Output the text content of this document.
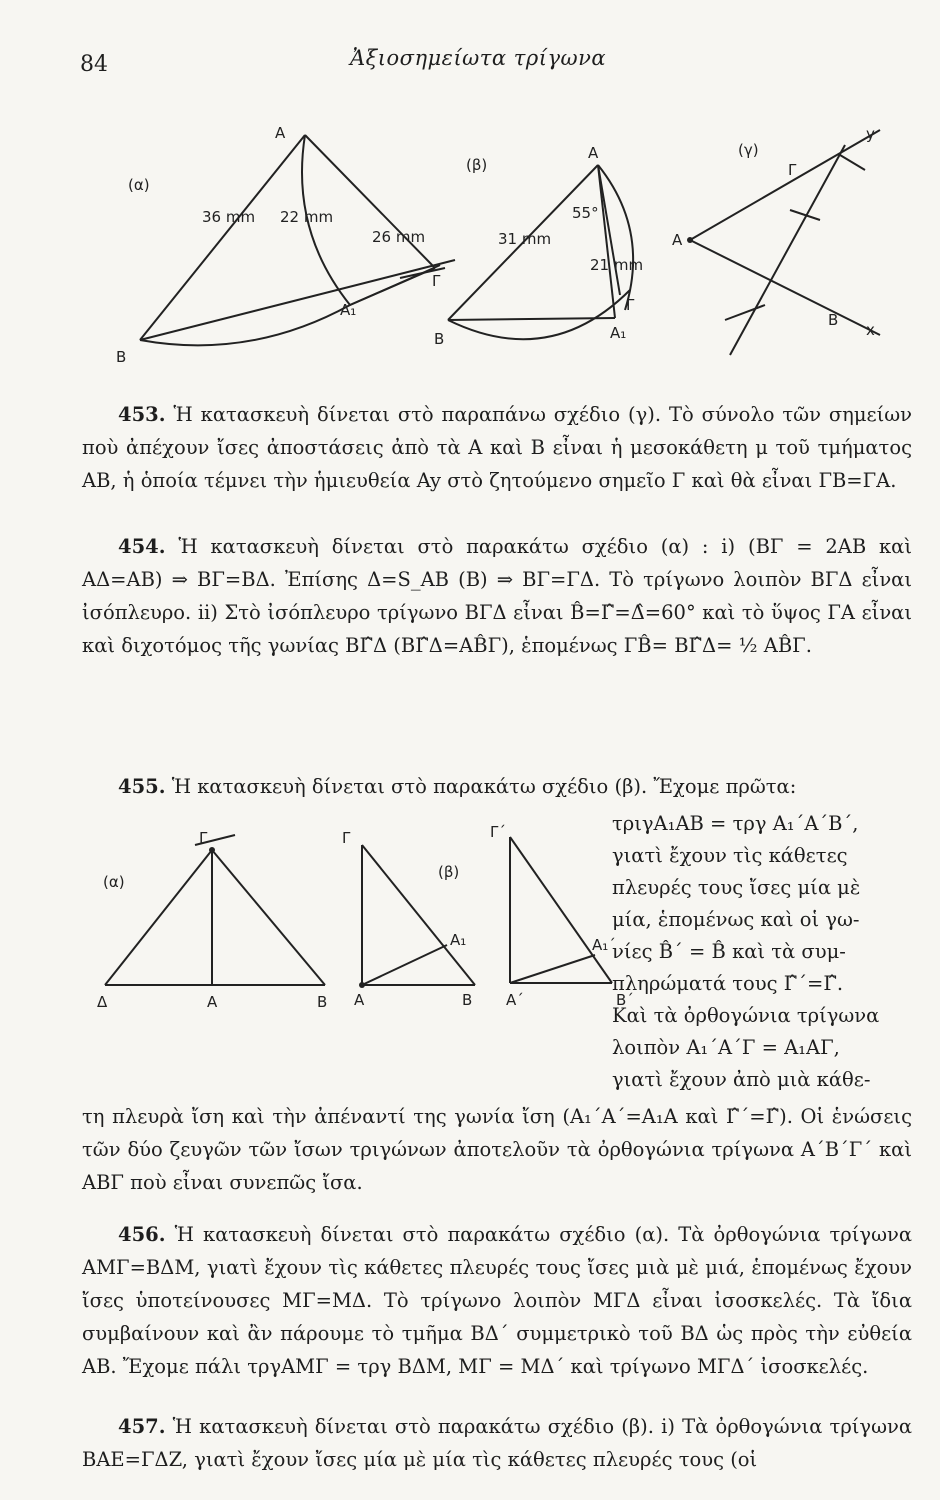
84	Ἀξιοσημείωτα τρίγωνα
(α)
A
B
Γ
A₁
36 mm 22 mm
26 mm
(β)
A
B
Γ
A₁
55°
31 mm
21 mm
(γ)
A
B
Γ
y
x

453. Ἡ κατασκευὴ δίνεται στὸ παραπάνω σχέδιο (γ). Τὸ σύνολο τῶν σημείων ποὺ ἀπέχουν ἴσες ἀποστάσεις ἀπὸ τὰ A καὶ B εἶναι ἡ μεσοκάθετη μ τοῦ τμήματος AB, ἡ ὁποία τέμνει τὴν ἡμιευθεία Ay στὸ ζητούμενο σημεῖο Γ καὶ θὰ εἶναι ΓB=ΓA.

454. Ἡ κατασκευὴ δίνεται στὸ παρακάτω σχέδιο (α) : i) (BΓ = 2AB καὶ AΔ=AB) ⇒ BΓ=BΔ. Ἐπίσης Δ=S_AB (B) ⇒ BΓ=ΓΔ. Τὸ τρίγωνο λοιπὸν BΓΔ εἶναι ἰσόπλευρο. ii) Στὸ ἰσόπλευρο τρίγωνο BΓΔ εἶναι B̂=Γ̂=Δ̂=60° καὶ τὸ ὕψος ΓA εἶναι καὶ διχοτόμος τῆς γωνίας BΓ̂Δ (BΓ̂Δ=AB̂Γ), ἑπομένως ΓB̂= BΓ̂Δ= ½ AB̂Γ.

455. Ἡ κατασκευὴ δίνεται στὸ παρακάτω σχέδιο (β). Ἔχομε πρῶτα:

τριγA₁AB = τργ A₁΄A΄B΄,
γιατὶ ἔχουν τὶς κάθετες
πλευρές τους ἴσες μία μὲ
μία, ἑπομένως καὶ οἱ γω-
νίες B̂΄ = B̂ καὶ τὰ συμ-
πληρώματά τους Γ̂΄=Γ̂.
Καὶ τὰ ὀρθογώνια τρίγωνα
λοιπὸν A₁΄A΄Γ = A₁AΓ,
γιατὶ ἔχουν ἀπὸ μιὰ κάθε-
(α)
Γ
Δ	A	B
Γ
(β)
A	B
A₁
Γ΄
A΄	B΄
A₁΄

τη πλευρὰ ἴση καὶ τὴν ἀπέναντί της γωνία ἴση (A₁΄A΄=A₁A καὶ Γ̂΄=Γ̂). Οἱ ἑνώσεις τῶν δύο ζευγῶν τῶν ἴσων τριγώνων ἀποτελοῦν τὰ ὀρθογώνια τρίγωνα A΄B΄Γ΄ καὶ ABΓ ποὺ εἶναι συνεπῶς ἴσα.

456. Ἡ κατασκευὴ δίνεται στὸ παρακάτω σχέδιο (α). Τὰ ὀρθογώνια τρίγωνα AMΓ=BΔM, γιατὶ ἔχουν τὶς κάθετες πλευρές τους ἴσες μιὰ μὲ μιά, ἑπομένως ἔχουν ἴσες ὑποτείνουσες MΓ=MΔ. Τὸ τρίγωνο λοιπὸν MΓΔ εἶναι ἰσοσκελές. Τὰ ἴδια συμβαίνουν καὶ ἂν πάρουμε τὸ τμῆμα BΔ΄ συμμετρικὸ τοῦ BΔ ὡς πρὸς τὴν εὐθεία AB. Ἔχομε πάλι τργAMΓ = τργ BΔM, MΓ = MΔ΄ καὶ τρίγωνο MΓΔ΄ ἰσοσκελές.

457. Ἡ κατασκευὴ δίνεται στὸ παρακάτω σχέδιο (β). i) Τὰ ὀρθογώνια τρίγωνα BAE=ΓΔZ, γιατὶ ἔχουν ἴσες μία μὲ μία τὶς κάθετες πλευρές τους (οἱ
